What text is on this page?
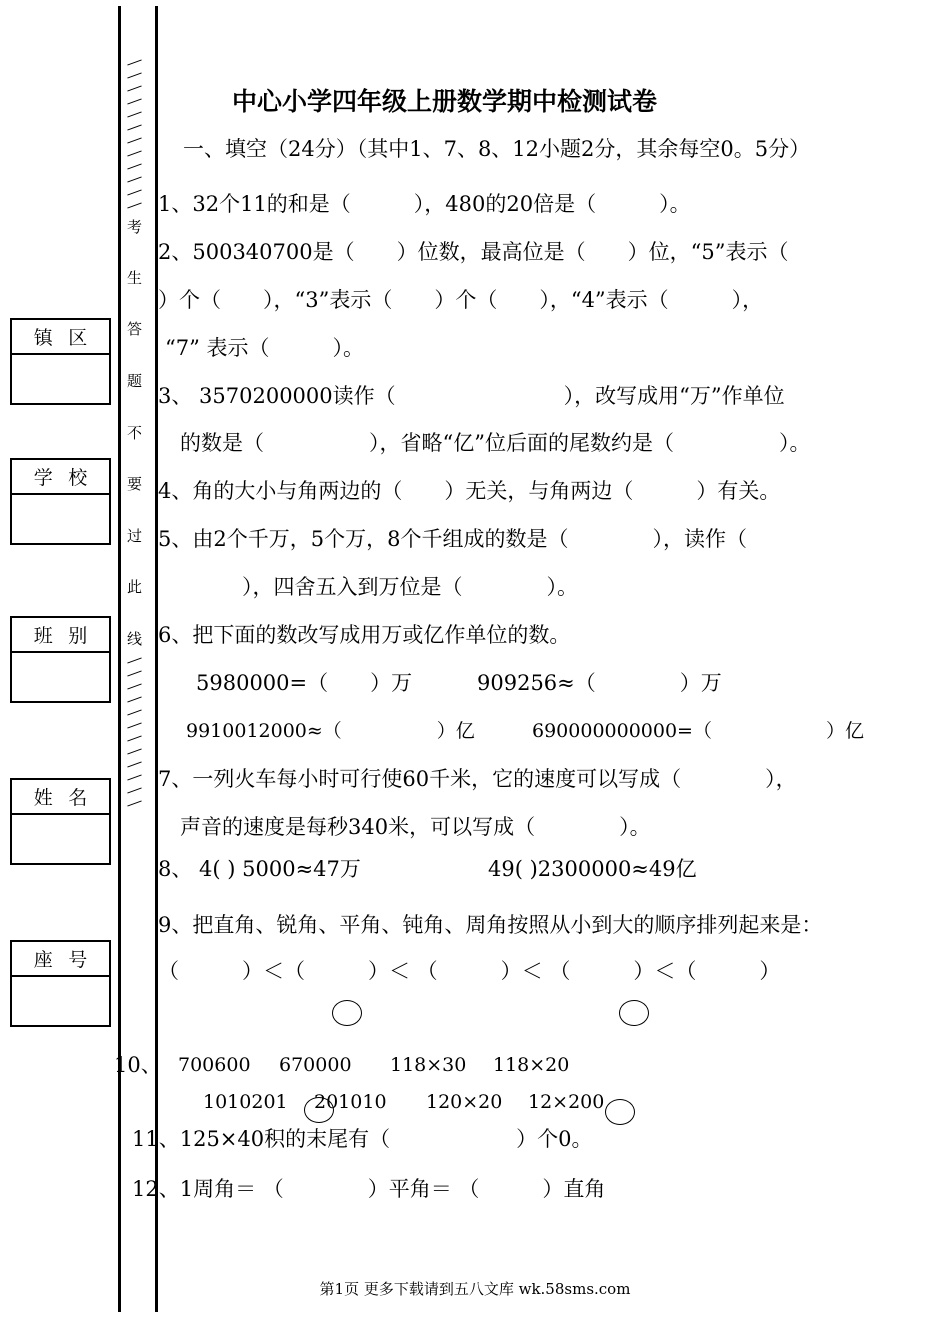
考
生
答
题
不
要
过
此
线
镇 区
学 校
班 别
姓 名
座 号
中心小学四年级上册数学期中检测试卷
一、填空（24分）（其中1、7、8、12小题2分，其余每空0。5分）
1、32个11的和是（　　　），480的20倍是（　　　）。
2、500340700是（　　）位数，最高位是（　　）位，“5”表示（
）个（　　），“3”表示（　　）个（　　），“4”表示（　　　），
“7” 表示（　　　）。
3、 3570200000读作（　　　　　　　　），改写成用“万”作单位
的数是（　　　　　），省略“亿”位后面的尾数约是（　　　　　）。
4、角的大小与角两边的（　　）无关，与角两边（　　　）有关。
5、由2个千万，5个万，8个千组成的数是（　　　　），读作（
　　　　），四舍五入到万位是（　　　　）。
6、把下面的数改写成用万或亿作单位的数。
5980000=（　　）万	909256≈（　　　　）万
9910012000≈（　　　　　）亿	690000000000=（　　　　　　）亿
7、一列火车每小时可行使60千米，它的速度可以写成（　　　　），
声音的速度是每秒340米，可以写成（　　　　）。
8、 4( ) 5000≈47万	49( )2300000≈49亿
9、把直角、锐角、平角、钝角、周角按照从小到大的顺序排列起来是：
（　　　）＜（　　　）＜ （　　　）＜ （　　　）＜（　　　）
10、 700600 670000 118×30 118×20
1010201 201010 120×20 12×200
11、125×40积的末尾有（　　　　　　）个0。
12、1周角＝ （　　　　）平角＝ （　　　）直角
第1页 更多下载请到五八文库 wk.58sms.com
